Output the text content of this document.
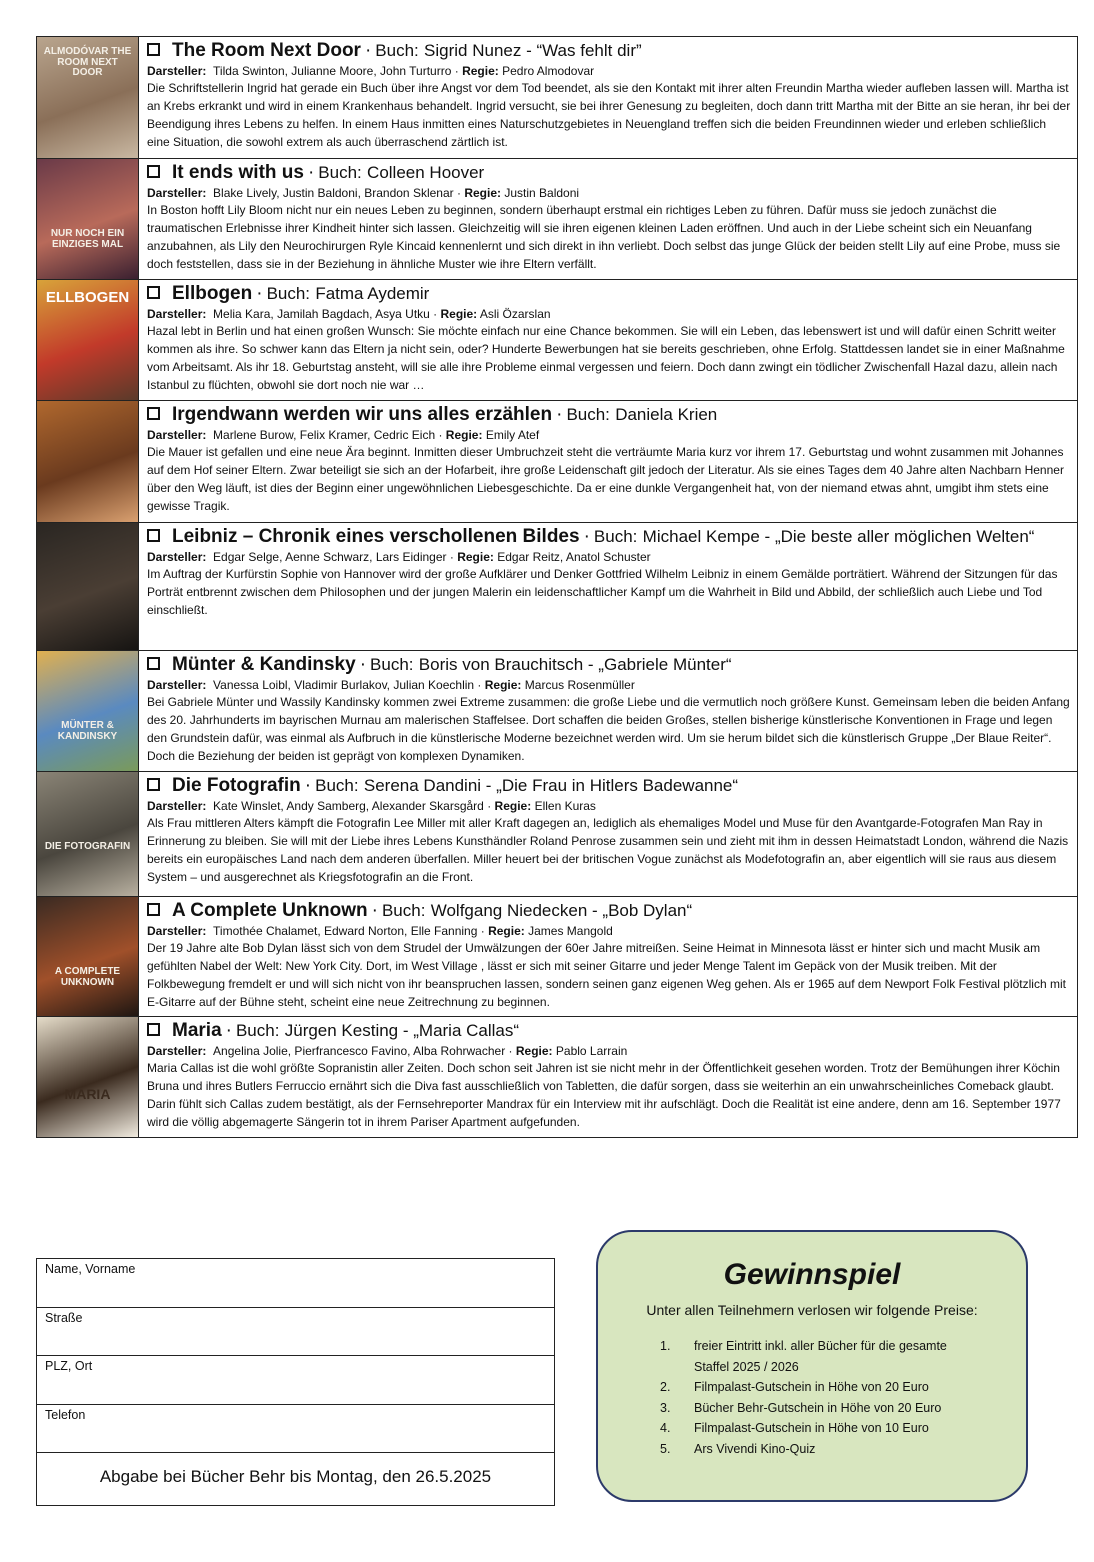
ALMODÓVAR THE ROOM NEXT DOOR
The Room Next Door · Buch: Sigrid Nunez - “Was fehlt dir”
Darsteller: Tilda Swinton, Julianne Moore, John Turturro · Regie: Pedro Almodovar
Die Schriftstellerin Ingrid hat gerade ein Buch über ihre Angst vor dem Tod beendet, als sie den Kontakt mit ihrer alten Freundin Martha wieder aufleben lassen will. Martha ist an Krebs erkrankt und wird in einem Krankenhaus behandelt. Ingrid versucht, sie bei ihrer Genesung zu begleiten, doch dann tritt Martha mit der Bitte an sie heran, ihr bei der Beendigung ihres Lebens zu helfen. In einem Haus inmitten eines Naturschutzgebietes in Neuengland treffen sich die beiden Freundinnen wieder und erleben schließlich eine Situation, die sowohl extrem als auch überraschend zärtlich ist.
NUR NOCH EIN EINZIGES MAL
It ends with us · Buch: Colleen Hoover
Darsteller: Blake Lively, Justin Baldoni, Brandon Sklenar · Regie: Justin Baldoni
In Boston hofft Lily Bloom nicht nur ein neues Leben zu beginnen, sondern überhaupt erstmal ein richtiges Leben zu führen. Dafür muss sie jedoch zunächst die traumatischen Erlebnisse ihrer Kindheit hinter sich lassen. Gleichzeitig will sie ihren eigenen kleinen Laden eröffnen. Und auch in der Liebe scheint sich ein Neuanfang anzubahnen, als Lily den Neurochirurgen Ryle Kincaid kennenlernt und sich direkt in ihn verliebt. Doch selbst das junge Glück der beiden stellt Lily auf eine Probe, muss sie doch feststellen, dass sie in der Beziehung in ähnliche Muster wie ihre Eltern verfällt.
ELLBOGEN	Ellbogen · Buch: Fatma Aydemir
Darsteller: Melia Kara, Jamilah Bagdach, Asya Utku · Regie: Asli Özarslan
Hazal lebt in Berlin und hat einen großen Wunsch: Sie möchte einfach nur eine Chance bekommen. Sie will ein Leben, das lebenswert ist und will dafür einen Schritt weiter kommen als ihre. So schwer kann das Eltern ja nicht sein, oder? Hunderte Bewerbungen hat sie bereits geschrieben, ohne Erfolg. Stattdessen landet sie in einer Maßnahme vom Arbeitsamt. Als ihr 18. Geburtstag ansteht, will sie alle ihre Probleme einmal vergessen und feiern. Doch dann zwingt ein tödlicher Zwischenfall Hazal dazu, allein nach Istanbul zu flüchten, obwohl sie dort noch nie war …
Irgendwann werden wir uns alles erzählen · Buch: Daniela Krien
Darsteller: Marlene Burow, Felix Kramer, Cedric Eich · Regie: Emily Atef
Die Mauer ist gefallen und eine neue Ära beginnt. Inmitten dieser Umbruchzeit steht die verträumte Maria kurz vor ihrem 17. Geburtstag und wohnt zusammen mit Johannes auf dem Hof seiner Eltern. Zwar beteiligt sie sich an der Hofarbeit, ihre große Leidenschaft gilt jedoch der Literatur. Als sie eines Tages dem 40 Jahre alten Nachbarn Henner über den Weg läuft, ist dies der Beginn einer ungewöhnlichen Liebesgeschichte. Da er eine dunkle Vergangenheit hat, von der niemand etwas ahnt, umgibt ihm stets eine gewisse Tragik.
Leibniz – Chronik eines verschollenen Bildes · Buch: Michael Kempe - „Die beste aller möglichen Welten“
Darsteller: Edgar Selge, Aenne Schwarz, Lars Eidinger · Regie: Edgar Reitz, Anatol Schuster
Im Auftrag der Kurfürstin Sophie von Hannover wird der große Aufklärer und Denker Gottfried Wilhelm Leibniz in einem Gemälde porträtiert. Während der Sitzungen für das Porträt entbrennt zwischen dem Philosophen und der jungen Malerin ein leidenschaftlicher Kampf um die Wahrheit in Bild und Abbild, der schließlich auch Liebe und Tod einschließt.
MÜNTER & KANDINSKY
Münter & Kandinsky · Buch: Boris von Brauchitsch - „Gabriele Münter“
Darsteller: Vanessa Loibl, Vladimir Burlakov, Julian Koechlin · Regie: Marcus Rosenmüller
Bei Gabriele Münter und Wassily Kandinsky kommen zwei Extreme zusammen: die große Liebe und die vermutlich noch größere Kunst. Gemeinsam leben die beiden Anfang des 20. Jahrhunderts im bayrischen Murnau am malerischen Staffelsee. Dort schaffen die beiden Großes, stellen bisherige künstlerische Konventionen in Frage und legen den Grundstein dafür, was einmal als Aufbruch in die künstlerische Moderne bezeichnet werden wird. Um sie herum bildet sich die künstlerisch Gruppe „Der Blaue Reiter“. Doch die Beziehung der beiden ist geprägt von komplexen Dynamiken.
DIE FOTOGRAFIN
Die Fotografin · Buch: Serena Dandini - „Die Frau in Hitlers Badewanne“
Darsteller: Kate Winslet, Andy Samberg, Alexander Skarsgård · Regie: Ellen Kuras
Als Frau mittleren Alters kämpft die Fotografin Lee Miller mit aller Kraft dagegen an, lediglich als ehemaliges Model und Muse für den Avantgarde-Fotografen Man Ray in Erinnerung zu bleiben. Sie will mit der Liebe ihres Lebens Kunsthändler Roland Penrose zusammen sein und zieht mit ihm in dessen Heimatstadt London, während die Nazis bereits ein europäisches Land nach dem anderen überfallen. Miller heuert bei der britischen Vogue zunächst als Modefotografin an, aber eigentlich will sie raus aus diesem System – und ausgerechnet als Kriegsfotografin an die Front.
A COMPLETE UNKNOWN
A Complete Unknown · Buch: Wolfgang Niedecken - „Bob Dylan“
Darsteller: Timothée Chalamet, Edward Norton, Elle Fanning · Regie: James Mangold
Der 19 Jahre alte Bob Dylan lässt sich von dem Strudel der Umwälzungen der 60er Jahre mitreißen. Seine Heimat in Minnesota lässt er hinter sich und macht Musik am gefühlten Nabel der Welt: New York City. Dort, im West Village , lässt er sich mit seiner Gitarre und jeder Menge Talent im Gepäck von der Musik treiben. Mit der Folkbewegung fremdelt er und will sich nicht von ihr beanspruchen lassen, sondern seinen ganz eigenen Weg gehen. Als er 1965 auf dem Newport Folk Festival plötzlich mit E-Gitarre auf der Bühne steht, scheint eine neue Zeitrechnung zu beginnen.
MARIA
Maria · Buch: Jürgen Kesting - „Maria Callas“
Darsteller: Angelina Jolie, Pierfrancesco Favino, Alba Rohrwacher · Regie: Pablo Larrain
Maria Callas ist die wohl größte Sopranistin aller Zeiten. Doch schon seit Jahren ist sie nicht mehr in der Öffentlichkeit gesehen worden. Trotz der Bemühungen ihrer Köchin Bruna und ihres Butlers Ferruccio ernährt sich die Diva fast ausschließlich von Tabletten, die dafür sorgen, dass sie weiterhin an ein unwahrscheinliches Comeback glaubt. Darin fühlt sich Callas zudem bestätigt, als der Fernsehreporter Mandrax für ein Interview mit ihr aufschlägt. Doch die Realität ist eine andere, denn am 16. September 1977 wird die völlig abgemagerte Sängerin tot in ihrem Pariser Apartment aufgefunden.
Name, Vorname
Straße
PLZ, Ort
Telefon
Abgabe bei Bücher Behr bis Montag, den 26.5.2025
Gewinnspiel
Unter allen Teilnehmern verlosen wir folgende Preise:
1.	freier Eintritt inkl. aller Bücher für die gesamte Staffel 2025 / 2026
2.	Filmpalast-Gutschein in Höhe von 20 Euro
3.	Bücher Behr-Gutschein in Höhe von 20 Euro
4.	Filmpalast-Gutschein in Höhe von 10 Euro
5.	Ars Vivendi Kino-Quiz
